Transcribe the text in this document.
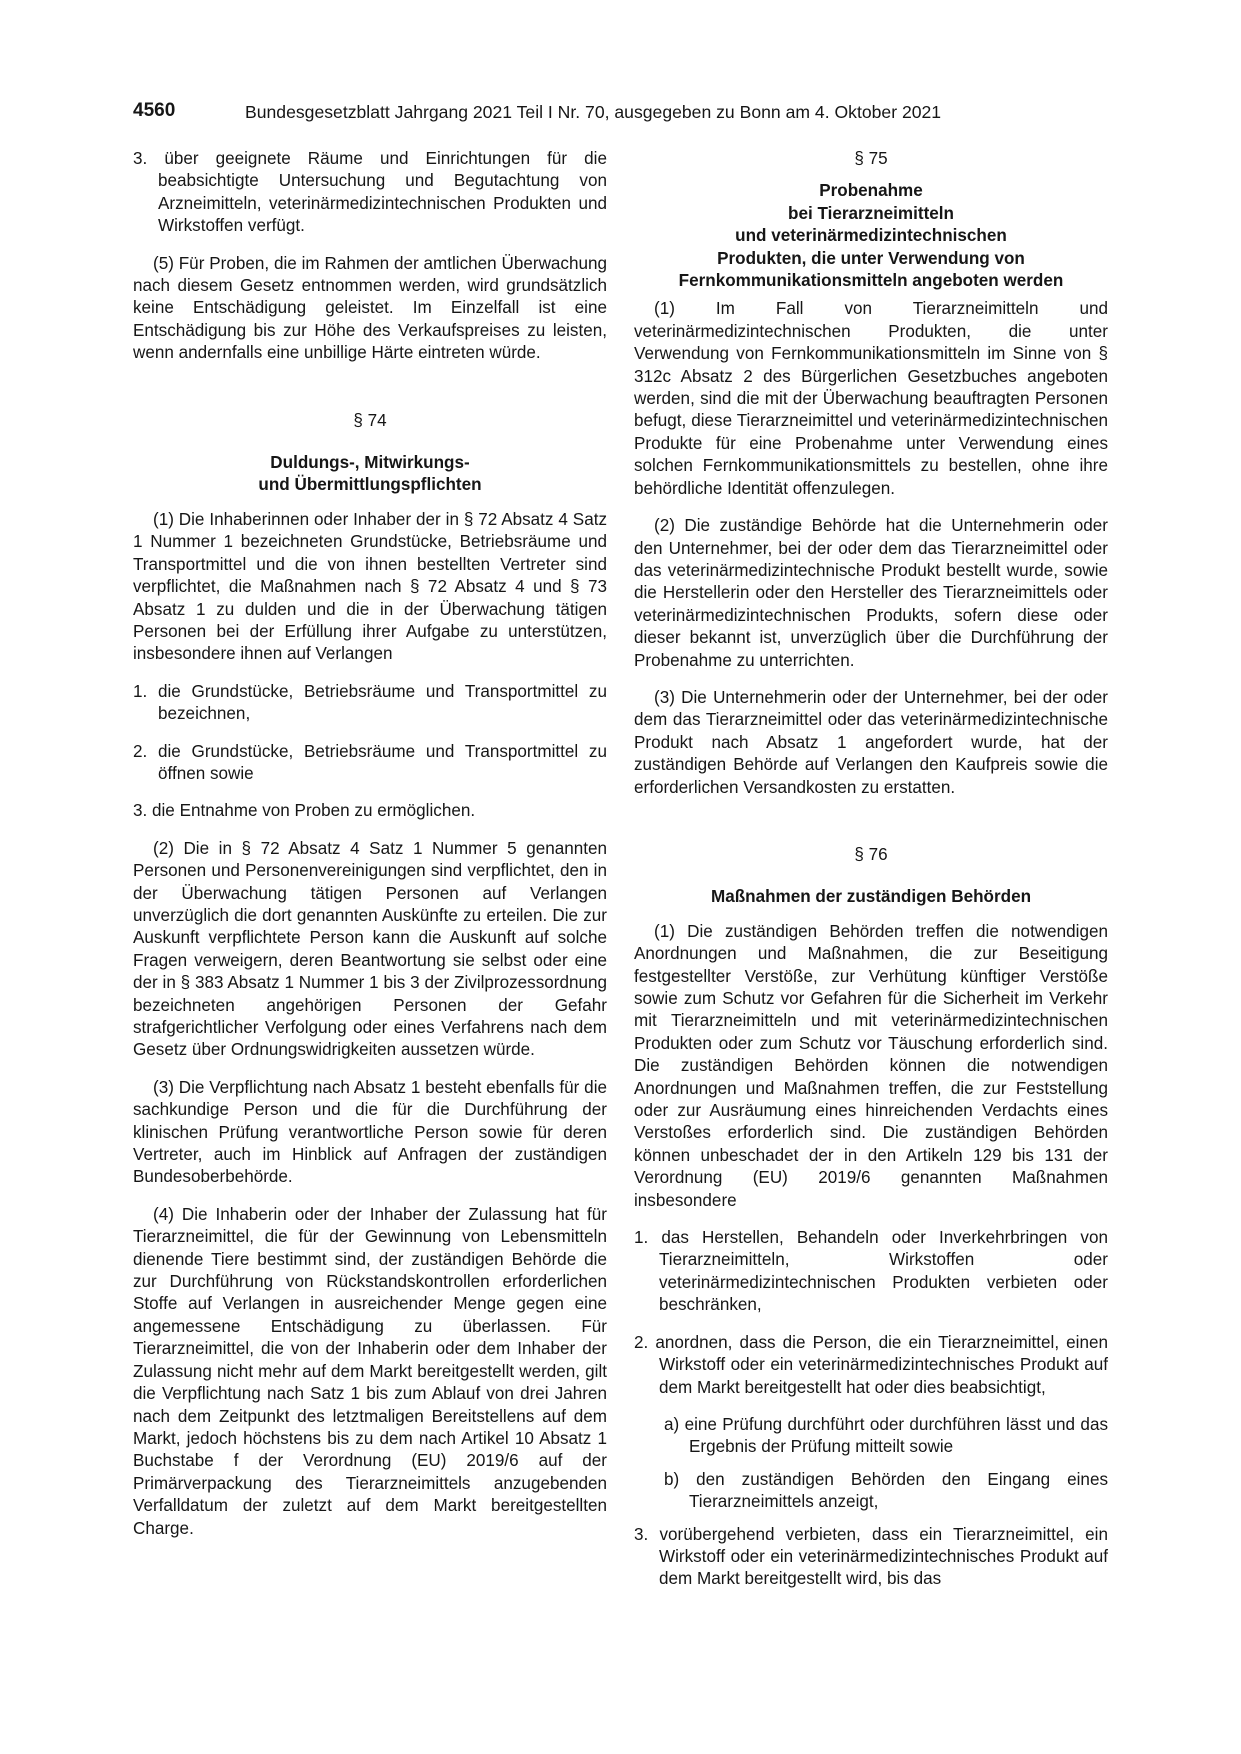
4560	Bundesgesetzblatt Jahrgang 2021 Teil I Nr. 70, ausgegeben zu Bonn am 4. Oktober 2021

3. über geeignete Räume und Einrichtungen für die beabsichtigte Untersuchung und Begutachtung von Arzneimitteln, veterinärmedizintechnischen Produkten und Wirkstoffen verfügt.

(5) Für Proben, die im Rahmen der amtlichen Überwachung nach diesem Gesetz entnommen werden, wird grundsätzlich keine Entschädigung geleistet. Im Einzelfall ist eine Entschädigung bis zur Höhe des Verkaufspreises zu leisten, wenn andernfalls eine unbillige Härte eintreten würde.

§ 74

Duldungs-, Mitwirkungs-

und Übermittlungspflichten

(1) Die Inhaberinnen oder Inhaber der in § 72 Absatz 4 Satz 1 Nummer 1 bezeichneten Grundstücke, Betriebsräume und Transportmittel und die von ihnen bestellten Vertreter sind verpflichtet, die Maßnahmen nach § 72 Absatz 4 und § 73 Absatz 1 zu dulden und die in der Überwachung tätigen Personen bei der Erfüllung ihrer Aufgabe zu unterstützen, insbesondere ihnen auf Verlangen

1. die Grundstücke, Betriebsräume und Transportmittel zu bezeichnen,

2. die Grundstücke, Betriebsräume und Transportmittel zu öffnen sowie

3. die Entnahme von Proben zu ermöglichen.

(2) Die in § 72 Absatz 4 Satz 1 Nummer 5 genannten Personen und Personenvereinigungen sind verpflichtet, den in der Überwachung tätigen Personen auf Verlangen unverzüglich die dort genannten Auskünfte zu erteilen. Die zur Auskunft verpflichtete Person kann die Auskunft auf solche Fragen verweigern, deren Beantwortung sie selbst oder eine der in § 383 Absatz 1 Nummer 1 bis 3 der Zivilprozessordnung bezeichneten angehörigen Personen der Gefahr strafgerichtlicher Verfolgung oder eines Verfahrens nach dem Gesetz über Ordnungswidrigkeiten aussetzen würde.

(3) Die Verpflichtung nach Absatz 1 besteht ebenfalls für die sachkundige Person und die für die Durchführung der klinischen Prüfung verantwortliche Person sowie für deren Vertreter, auch im Hinblick auf Anfragen der zuständigen Bundesoberbehörde.

(4) Die Inhaberin oder der Inhaber der Zulassung hat für Tierarzneimittel, die für der Gewinnung von Lebensmitteln dienende Tiere bestimmt sind, der zuständigen Behörde die zur Durchführung von Rückstandskontrollen erforderlichen Stoffe auf Verlangen in ausreichender Menge gegen eine angemessene Entschädigung zu überlassen. Für Tierarzneimittel, die von der Inhaberin oder dem Inhaber der Zulassung nicht mehr auf dem Markt bereitgestellt werden, gilt die Verpflichtung nach Satz 1 bis zum Ablauf von drei Jahren nach dem Zeitpunkt des letztmaligen Bereitstellens auf dem Markt, jedoch höchstens bis zu dem nach Artikel 10 Absatz 1 Buchstabe f der Verordnung (EU) 2019/6 auf der Primärverpackung des Tierarzneimittels anzugebenden Verfalldatum der zuletzt auf dem Markt bereitgestellten Charge.

§ 75

Probenahme

bei Tierarzneimitteln

und veterinärmedizintechnischen

Produkten, die unter Verwendung von

Fernkommunikationsmitteln angeboten werden

(1) Im Fall von Tierarzneimitteln und veterinärmedizintechnischen Produkten, die unter Verwendung von Fernkommunikationsmitteln im Sinne von § 312c Absatz 2 des Bürgerlichen Gesetzbuches angeboten werden, sind die mit der Überwachung beauftragten Personen befugt, diese Tierarzneimittel und veterinärmedizintechnischen Produkte für eine Probenahme unter Verwendung eines solchen Fernkommunikationsmittels zu bestellen, ohne ihre behördliche Identität offenzulegen.

(2) Die zuständige Behörde hat die Unternehmerin oder den Unternehmer, bei der oder dem das Tierarzneimittel oder das veterinärmedizintechnische Produkt bestellt wurde, sowie die Herstellerin oder den Hersteller des Tierarzneimittels oder veterinärmedizintechnischen Produkts, sofern diese oder dieser bekannt ist, unverzüglich über die Durchführung der Probenahme zu unterrichten.

(3) Die Unternehmerin oder der Unternehmer, bei der oder dem das Tierarzneimittel oder das veterinärmedizintechnische Produkt nach Absatz 1 angefordert wurde, hat der zuständigen Behörde auf Verlangen den Kaufpreis sowie die erforderlichen Versandkosten zu erstatten.

§ 76

Maßnahmen der zuständigen Behörden

(1) Die zuständigen Behörden treffen die notwendigen Anordnungen und Maßnahmen, die zur Beseitigung festgestellter Verstöße, zur Verhütung künftiger Verstöße sowie zum Schutz vor Gefahren für die Sicherheit im Verkehr mit Tierarzneimitteln und mit veterinärmedizintechnischen Produkten oder zum Schutz vor Täuschung erforderlich sind. Die zuständigen Behörden können die notwendigen Anordnungen und Maßnahmen treffen, die zur Feststellung oder zur Ausräumung eines hinreichenden Verdachts eines Verstoßes erforderlich sind. Die zuständigen Behörden können unbeschadet der in den Artikeln 129 bis 131 der Verordnung (EU) 2019/6 genannten Maßnahmen insbesondere

1. das Herstellen, Behandeln oder Inverkehrbringen von Tierarzneimitteln, Wirkstoffen oder veterinärmedizintechnischen Produkten verbieten oder beschränken,

2. anordnen, dass die Person, die ein Tierarzneimittel, einen Wirkstoff oder ein veterinärmedizintechnisches Produkt auf dem Markt bereitgestellt hat oder dies beabsichtigt,

a) eine Prüfung durchführt oder durchführen lässt und das Ergebnis der Prüfung mitteilt sowie

b) den zuständigen Behörden den Eingang eines Tierarzneimittels anzeigt,

3. vorübergehend verbieten, dass ein Tierarzneimittel, ein Wirkstoff oder ein veterinärmedizintechnisches Produkt auf dem Markt bereitgestellt wird, bis das
